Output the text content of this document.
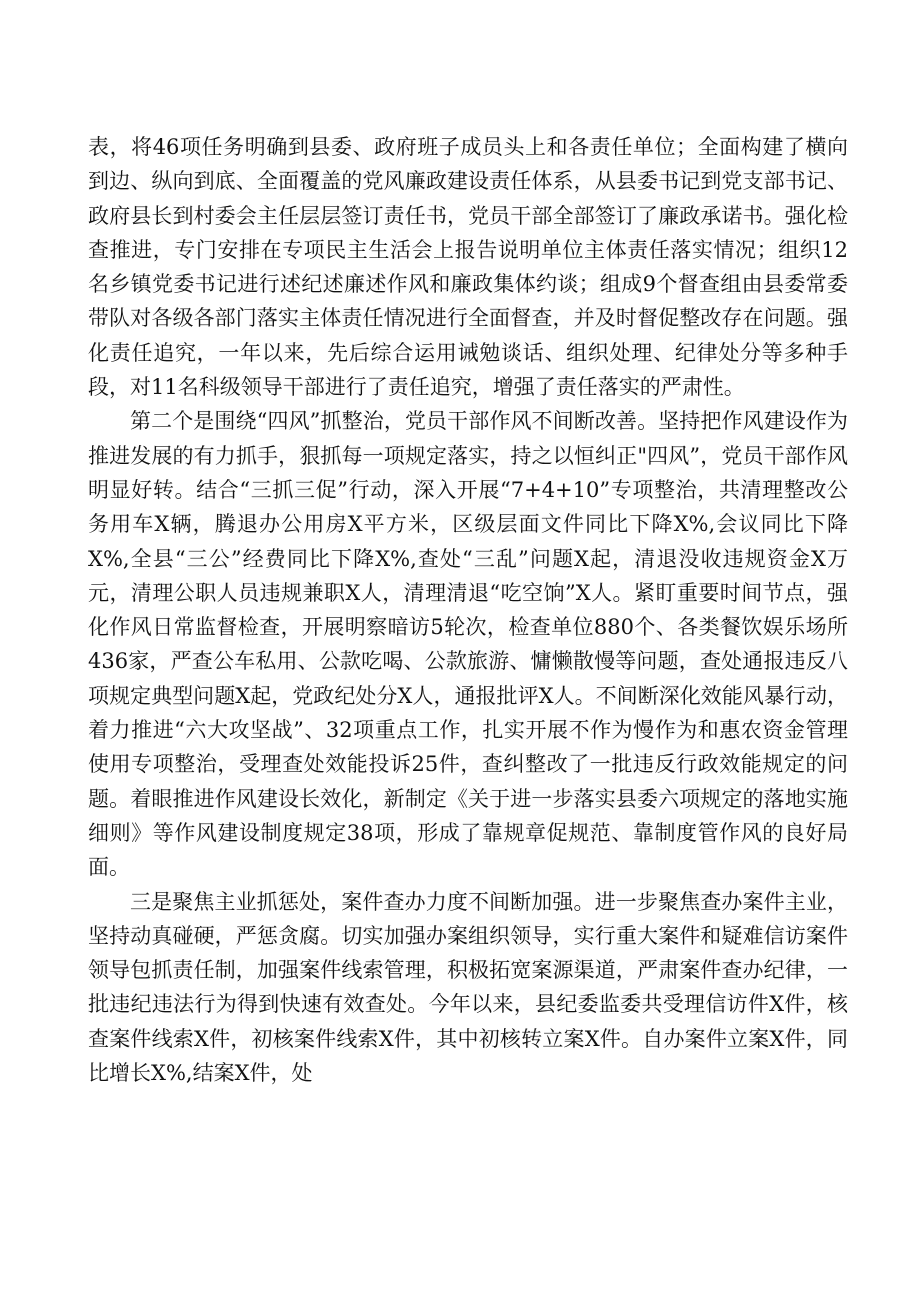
表，将46项任务明确到县委、政府班子成员头上和各责任单位；全面构建了横向到边、纵向到底、全面覆盖的党风廉政建设责任体系，从县委书记到党支部书记、政府县长到村委会主任层层签订责任书，党员干部全部签订了廉政承诺书。强化检查推进，专门安排在专项民主生活会上报告说明单位主体责任落实情况；组织12名乡镇党委书记进行述纪述廉述作风和廉政集体约谈；组成9个督查组由县委常委带队对各级各部门落实主体责任情况进行全面督查，并及时督促整改存在问题。强化责任追究，一年以来，先后综合运用诫勉谈话、组织处理、纪律处分等多种手段，对11名科级领导干部进行了责任追究，增强了责任落实的严肃性。

第二个是围绕“四风”抓整治，党员干部作风不间断改善。坚持把作风建设作为推进发展的有力抓手，狠抓每一项规定落实，持之以恒纠正"四风”，党员干部作风明显好转。结合“三抓三促”行动，深入开展“7+4+10”专项整治，共清理整改公务用车X辆，腾退办公用房X平方米，区级层面文件同比下降X%,会议同比下降X%,全县“三公”经费同比下降X%,查处“三乱”问题X起，清退没收违规资金X万元，清理公职人员违规兼职X人，清理清退“吃空饷”X人。紧盯重要时间节点，强化作风日常监督检查，开展明察暗访5轮次，检查单位880个、各类餐饮娱乐场所436家，严查公车私用、公款吃喝、公款旅游、慵懒散慢等问题，查处通报违反八项规定典型问题X起，党政纪处分X人，通报批评X人。不间断深化效能风暴行动，着力推进“六大攻坚战”、32项重点工作，扎实开展不作为慢作为和惠农资金管理使用专项整治，受理查处效能投诉25件，查纠整改了一批违反行政效能规定的问题。着眼推进作风建设长效化，新制定《关于进一步落实县委六项规定的落地实施细则》等作风建设制度规定38项，形成了靠规章促规范、靠制度管作风的良好局面。

三是聚焦主业抓惩处，案件查办力度不间断加强。进一步聚焦查办案件主业，坚持动真碰硬，严惩贪腐。切实加强办案组织领导，实行重大案件和疑难信访案件领导包抓责任制，加强案件线索管理，积极拓宽案源渠道，严肃案件查办纪律，一批违纪违法行为得到快速有效查处。今年以来，县纪委监委共受理信访件X件，核查案件线索X件，初核案件线索X件，其中初核转立案X件。自办案件立案X件，同比增长X%,结案X件，处
